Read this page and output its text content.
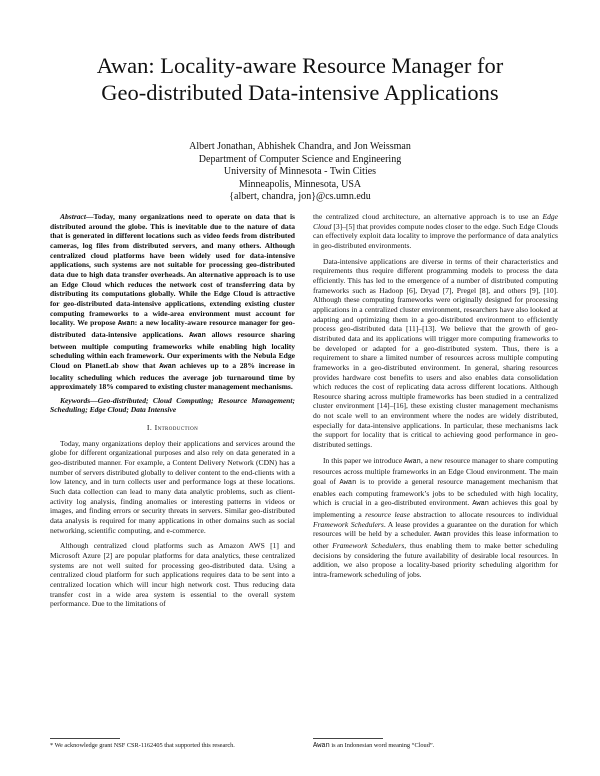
Awan: Locality-aware Resource Manager for
Geo-distributed Data-intensive Applications
Albert Jonathan, Abhishek Chandra, and Jon Weissman
Department of Computer Science and Engineering
University of Minnesota - Twin Cities
Minneapolis, Minnesota, USA
{albert, chandra, jon}@cs.umn.edu

Abstract—Today, many organizations need to operate on data that is distributed around the globe. This is inevitable due to the nature of data that is generated in different locations such as video feeds from distributed cameras, log files from distributed servers, and many others. Although centralized cloud platforms have been widely used for data-intensive applications, such systems are not suitable for processing geo-distributed data due to high data transfer overheads. An alternative approach is to use an Edge Cloud which reduces the network cost of transferring data by distributing its computations globally. While the Edge Cloud is attractive for geo-distributed data-intensive applications, extending existing cluster computing frameworks to a wide-area environment must account for locality. We propose Awan: a new locality-aware resource manager for geo-distributed data-intensive applications. Awan allows resource sharing between multiple computing frameworks while enabling high locality scheduling within each framework. Our experiments with the Nebula Edge Cloud on PlanetLab show that Awan achieves up to a 28% increase in locality scheduling which reduces the average job turnaround time by approximately 18% compared to existing cluster management mechanisms.

Keywords—Geo-distributed; Cloud Computing; Resource Management; Scheduling; Edge Cloud; Data Intensive

I. Introduction

Today, many organizations deploy their applications and services around the globe for different organizational purposes and also rely on data generated in a geo-distributed manner. For example, a Content Delivery Network (CDN) has a number of servers distributed globally to deliver content to the end-clients with a low latency, and in turn collects user and performance logs at these locations. Such data collection can lead to many data analytic problems, such as client-activity log analysis, finding anomalies or interesting patterns in videos or images, and finding errors or security threats in servers. Similar geo-distributed data analysis is required for many applications in other domains such as social networking, scientific computing, and e-commerce.

Although centralized cloud platforms such as Amazon AWS [1] and Microsoft Azure [2] are popular platforms for data analytics, these centralized systems are not well suited for processing geo-distributed data. Using a centralized cloud platform for such applications requires data to be sent into a centralized location which will incur high network cost. Thus reducing data transfer cost in a wide area system is essential to the overall system performance. Due to the limitations of

the centralized cloud architecture, an alternative approach is to use an Edge Cloud [3]–[5] that provides compute nodes closer to the edge. Such Edge Clouds can effectively exploit data locality to improve the performance of data analytics in geo-distributed environments.

Data-intensive applications are diverse in terms of their characteristics and requirements thus require different programming models to process the data efficiently. This has led to the emergence of a number of distributed computing frameworks such as Hadoop [6], Dryad [7], Pregel [8], and others [9], [10]. Although these computing frameworks were originally designed for processing applications in a centralized cluster environment, researchers have also looked at adapting and optimizing them in a geo-distributed environment to efficiently process geo-distributed data [11]–[13]. We believe that the growth of geo-distributed data and its applications will trigger more computing frameworks to be developed or adapted for a geo-distributed system. Thus, there is a requirement to share a limited number of resources across multiple computing frameworks in a geo-distributed environment. In general, sharing resources provides hardware cost benefits to users and also enables data consolidation which reduces the cost of replicating data across different locations. Although Resource sharing across multiple frameworks has been studied in a centralized cluster environment [14]–[16], these existing cluster management mechanisms do not scale well to an environment where the nodes are widely distributed, especially for data-intensive applications. In particular, these mechanisms lack the support for locality that is critical to achieving good performance in geo-distributed settings.

In this paper we introduce Awan, a new resource manager to share computing resources across multiple frameworks in an Edge Cloud environment. The main goal of Awan is to provide a general resource management mechanism that enables each computing framework’s jobs to be scheduled with high locality, which is crucial in a geo-distributed environment. Awan achieves this goal by implementing a resource lease abstraction to allocate resources to individual Framework Schedulers. A lease provides a guarantee on the duration for which resources will be held by a scheduler. Awan provides this lease information to other Framework Schedulers, thus enabling them to make better scheduling decisions by considering the future availability of desirable local resources. In addition, we also propose a locality-based priority scheduling algorithm for intra-framework scheduling of jobs.

* We acknowledge grant NSF CSR-1162405 that supported this research.	Awan is an Indonesian word meaning “Cloud”.
